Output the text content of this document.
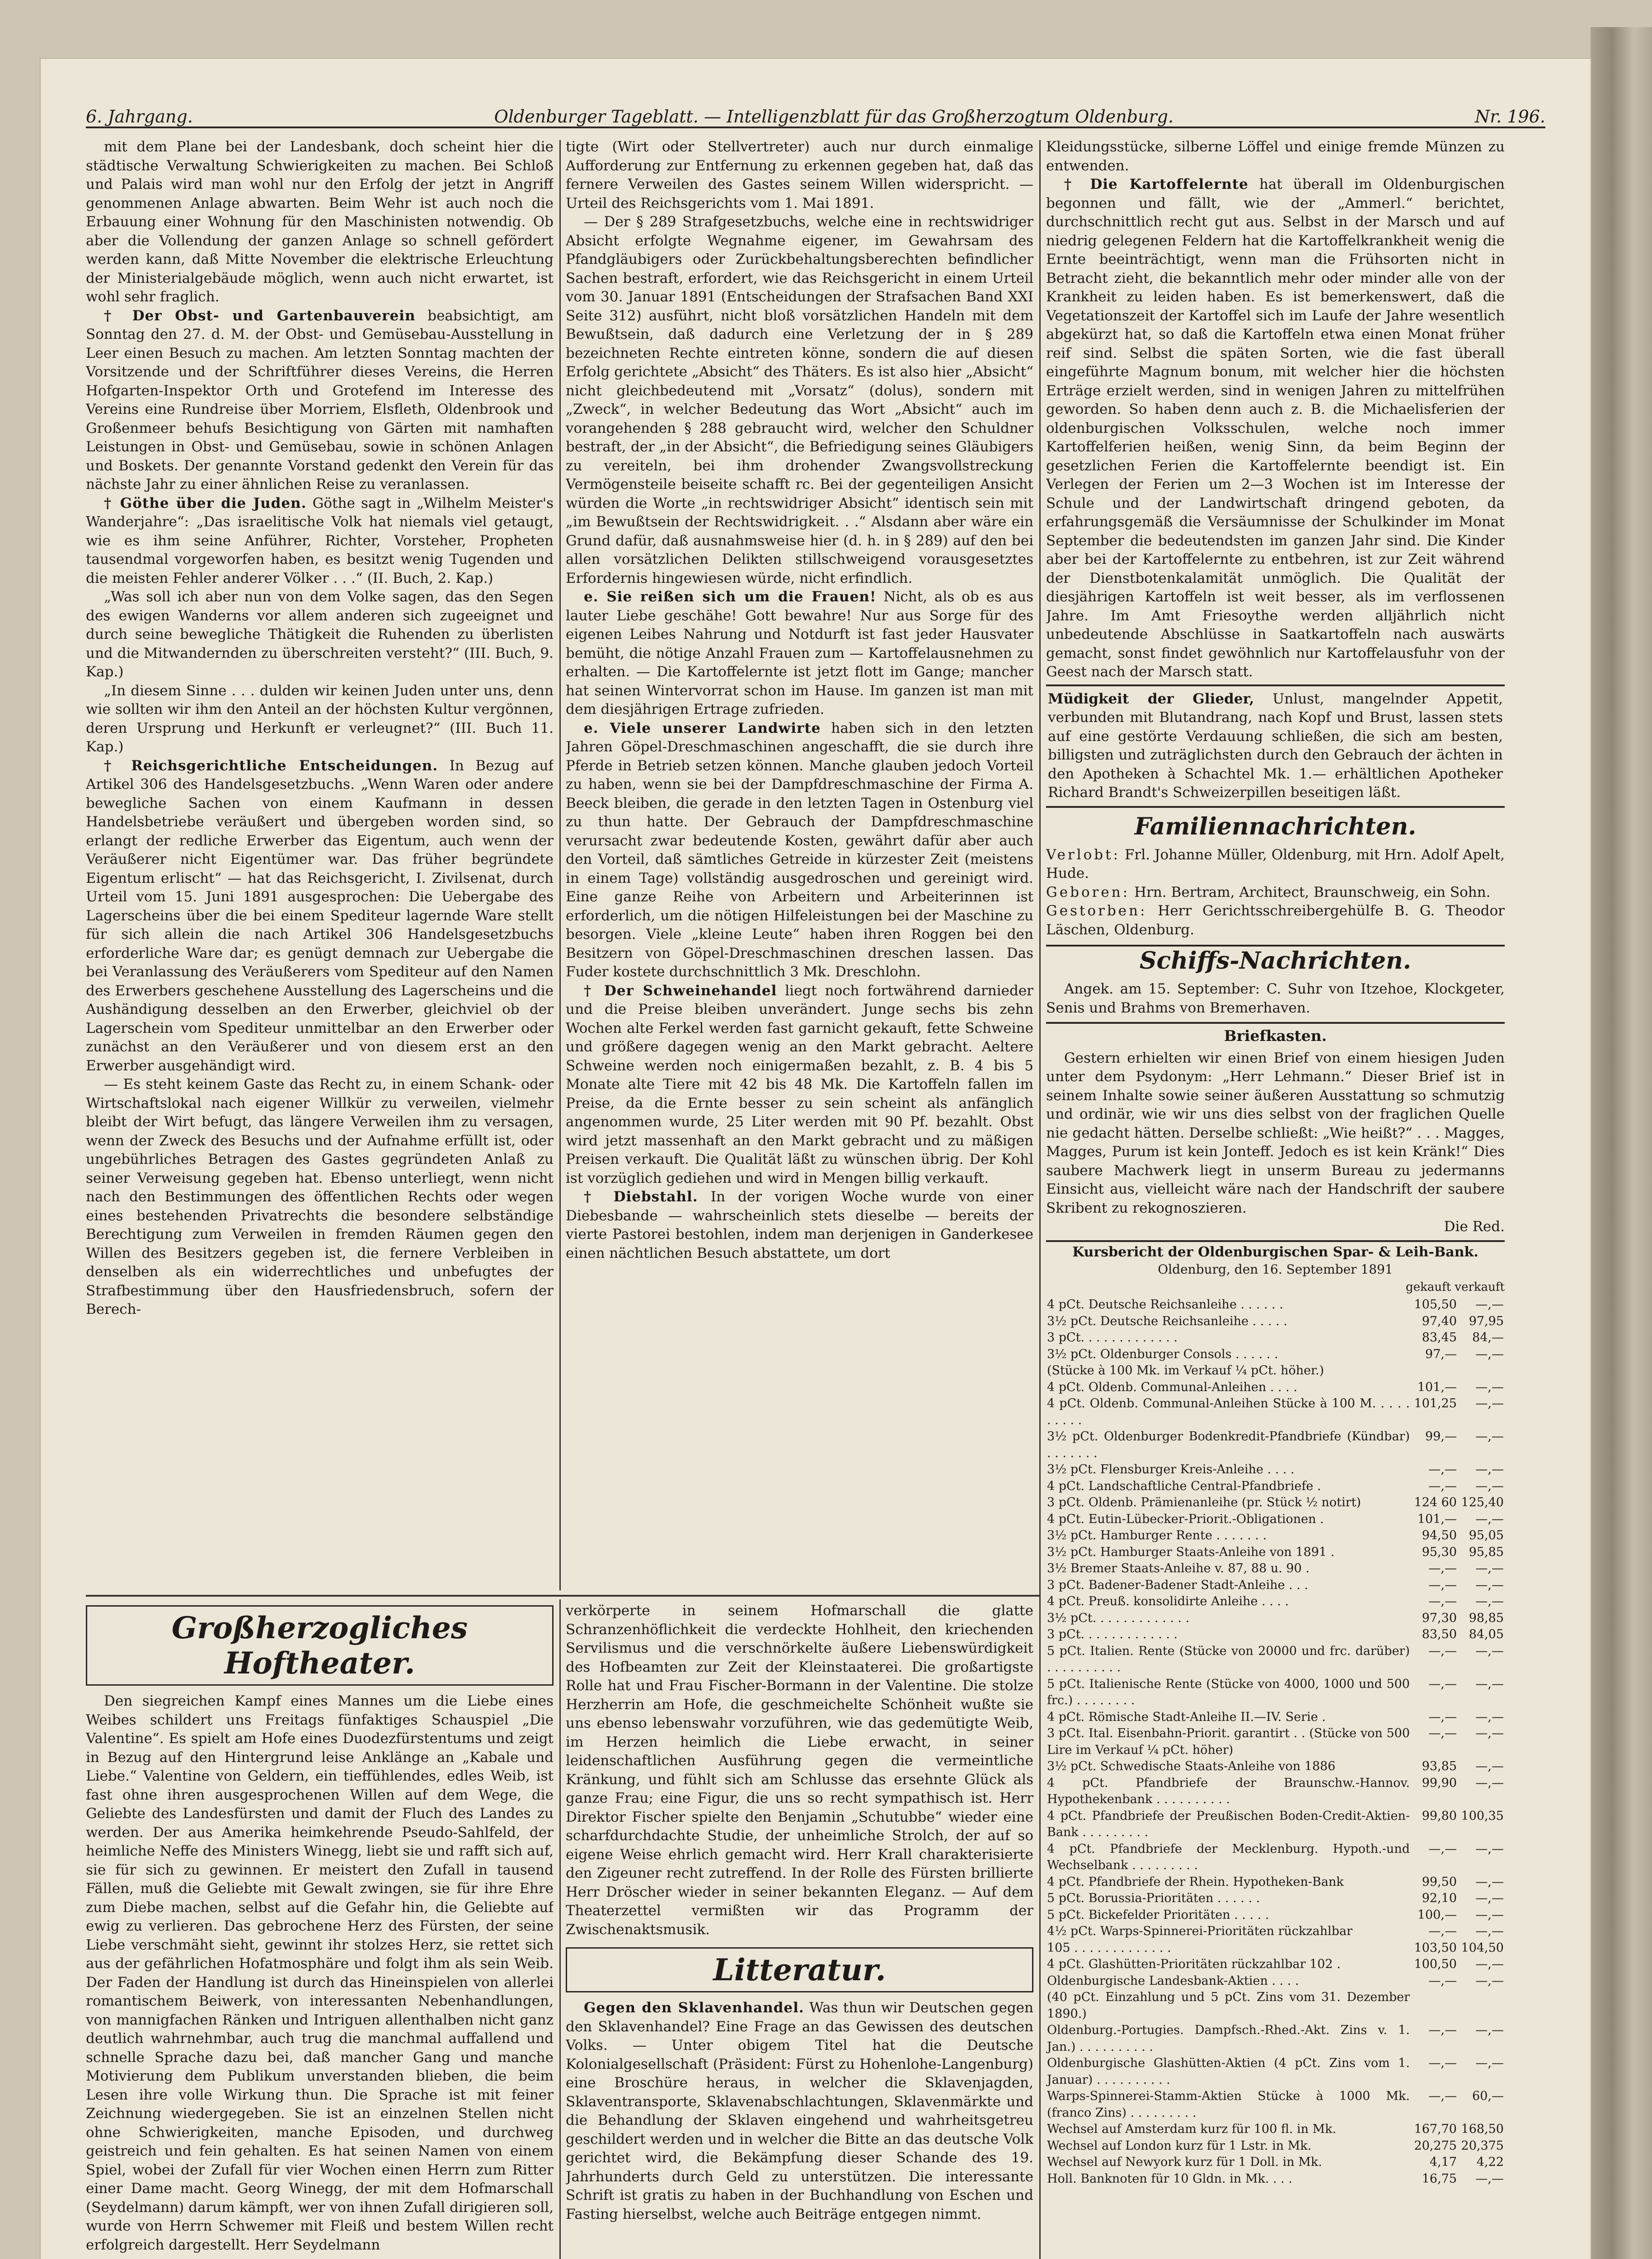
6. Jahrgang.	Oldenburger Tageblatt. — Intelligenzblatt für das Großherzogtum Oldenburg.	Nr. 196.

mit dem Plane bei der Landesbank, doch scheint hier die städtische Verwaltung Schwierigkeiten zu machen. Bei Schloß und Palais wird man wohl nur den Erfolg der jetzt in Angriff genommenen Anlage abwarten. Beim Wehr ist auch noch die Erbauung einer Wohnung für den Maschinisten notwendig. Ob aber die Vollendung der ganzen Anlage so schnell gefördert werden kann, daß Mitte November die elektrische Erleuchtung der Ministerialgebäude möglich, wenn auch nicht erwartet, ist wohl sehr fraglich.

† Der Obst- und Gartenbauverein beabsichtigt, am Sonntag den 27. d. M. der Obst- und Gemüsebau-Ausstellung in Leer einen Besuch zu machen. Am letzten Sonntag machten der Vorsitzende und der Schriftführer dieses Vereins, die Herren Hofgarten-Inspektor Orth und Grotefend im Interesse des Vereins eine Rundreise über Morriem, Elsfleth, Oldenbrook und Großenmeer behufs Besichtigung von Gärten mit namhaften Leistungen in Obst- und Gemüsebau, sowie in schönen Anlagen und Boskets. Der genannte Vorstand gedenkt den Verein für das nächste Jahr zu einer ähnlichen Reise zu veranlassen.

† Göthe über die Juden. Göthe sagt in „Wilhelm Meister's Wanderjahre“: „Das israelitische Volk hat niemals viel getaugt, wie es ihm seine Anführer, Richter, Vorsteher, Propheten tausendmal vorgeworfen haben, es besitzt wenig Tugenden und die meisten Fehler anderer Völker . . .“ (II. Buch, 2. Kap.)

„Was soll ich aber nun von dem Volke sagen, das den Segen des ewigen Wanderns vor allem anderen sich zugeeignet und durch seine bewegliche Thätigkeit die Ruhenden zu überlisten und die Mitwandernden zu überschreiten versteht?“ (III. Buch, 9. Kap.)

„In diesem Sinne . . . dulden wir keinen Juden unter uns, denn wie sollten wir ihm den Anteil an der höchsten Kultur vergönnen, deren Ursprung und Herkunft er verleugnet?“ (III. Buch 11. Kap.)

† Reichsgerichtliche Entscheidungen. In Bezug auf Artikel 306 des Handelsgesetzbuchs. „Wenn Waren oder andere bewegliche Sachen von einem Kaufmann in dessen Handelsbetriebe veräußert und übergeben worden sind, so erlangt der redliche Erwerber das Eigentum, auch wenn der Veräußerer nicht Eigentümer war. Das früher begründete Eigentum erlischt“ — hat das Reichsgericht, I. Zivilsenat, durch Urteil vom 15. Juni 1891 ausgesprochen: Die Uebergabe des Lagerscheins über die bei einem Spediteur lagernde Ware stellt für sich allein die nach Artikel 306 Handelsgesetzbuchs erforderliche Ware dar; es genügt demnach zur Uebergabe die bei Veranlassung des Veräußerers vom Spediteur auf den Namen des Erwerbers geschehene Ausstellung des Lagerscheins und die Aushändigung desselben an den Erwerber, gleichviel ob der Lagerschein vom Spediteur unmittelbar an den Erwerber oder zunächst an den Veräußerer und von diesem erst an den Erwerber ausgehändigt wird.

— Es steht keinem Gaste das Recht zu, in einem Schank- oder Wirtschaftslokal nach eigener Willkür zu verweilen, vielmehr bleibt der Wirt befugt, das längere Verweilen ihm zu versagen, wenn der Zweck des Besuchs und der Aufnahme erfüllt ist, oder ungebührliches Betragen des Gastes gegründeten Anlaß zu seiner Verweisung gegeben hat. Ebenso unterliegt, wenn nicht nach den Bestimmungen des öffentlichen Rechts oder wegen eines bestehenden Privatrechts die besondere selbständige Berechtigung zum Verweilen in fremden Räumen gegen den Willen des Besitzers gegeben ist, die fernere Verbleiben in denselben als ein widerrechtliches und unbefugtes der Strafbestimmung über den Hausfriedensbruch, sofern der Berech-

tigte (Wirt oder Stellvertreter) auch nur durch einmalige Aufforderung zur Entfernung zu erkennen gegeben hat, daß das fernere Verweilen des Gastes seinem Willen widerspricht. — Urteil des Reichsgerichts vom 1. Mai 1891.

— Der § 289 Strafgesetzbuchs, welche eine in rechtswidriger Absicht erfolgte Wegnahme eigener, im Gewahrsam des Pfandgläubigers oder Zurückbehaltungsberechten befindlicher Sachen bestraft, erfordert, wie das Reichsgericht in einem Urteil vom 30. Januar 1891 (Entscheidungen der Strafsachen Band XXI Seite 312) ausführt, nicht bloß vorsätzlichen Handeln mit dem Bewußtsein, daß dadurch eine Verletzung der in § 289 bezeichneten Rechte eintreten könne, sondern die auf diesen Erfolg gerichtete „Absicht“ des Thäters. Es ist also hier „Absicht“ nicht gleichbedeutend mit „Vorsatz“ (dolus), sondern mit „Zweck“, in welcher Bedeutung das Wort „Absicht“ auch im vorangehenden § 288 gebraucht wird, welcher den Schuldner bestraft, der „in der Absicht“, die Befriedigung seines Gläubigers zu vereiteln, bei ihm drohender Zwangsvollstreckung Vermögensteile beiseite schafft rc. Bei der gegenteiligen Ansicht würden die Worte „in rechtswidriger Absicht“ identisch sein mit „im Bewußtsein der Rechtswidrigkeit. . .“ Alsdann aber wäre ein Grund dafür, daß ausnahmsweise hier (d. h. in § 289) auf den bei allen vorsätzlichen Delikten stillschweigend vorausgesetztes Erfordernis hingewiesen würde, nicht erfindlich.

e. Sie reißen sich um die Frauen! Nicht, als ob es aus lauter Liebe geschähe! Gott bewahre! Nur aus Sorge für des eigenen Leibes Nahrung und Notdurft ist fast jeder Hausvater bemüht, die nötige Anzahl Frauen zum — Kartoffelausnehmen zu erhalten. — Die Kartoffelernte ist jetzt flott im Gange; mancher hat seinen Wintervorrat schon im Hause. Im ganzen ist man mit dem diesjährigen Ertrage zufrieden.

e. Viele unserer Landwirte haben sich in den letzten Jahren Göpel-Dreschmaschinen angeschafft, die sie durch ihre Pferde in Betrieb setzen können. Manche glauben jedoch Vorteil zu haben, wenn sie bei der Dampfdreschmaschine der Firma A. Beeck bleiben, die gerade in den letzten Tagen in Ostenburg viel zu thun hatte. Der Gebrauch der Dampfdreschmaschine verursacht zwar bedeutende Kosten, gewährt dafür aber auch den Vorteil, daß sämtliches Getreide in kürzester Zeit (meistens in einem Tage) vollständig ausgedroschen und gereinigt wird. Eine ganze Reihe von Arbeitern und Arbeiterinnen ist erforderlich, um die nötigen Hilfeleistungen bei der Maschine zu besorgen. Viele „kleine Leute“ haben ihren Roggen bei den Besitzern von Göpel-Dreschmaschinen dreschen lassen. Das Fuder kostete durchschnittlich 3 Mk. Dreschlohn.

† Der Schweinehandel liegt noch fortwährend darnieder und die Preise bleiben unverändert. Junge sechs bis zehn Wochen alte Ferkel werden fast garnicht gekauft, fette Schweine und größere dagegen wenig an den Markt gebracht. Aeltere Schweine werden noch einigermaßen bezahlt, z. B. 4 bis 5 Monate alte Tiere mit 42 bis 48 Mk. Die Kartoffeln fallen im Preise, da die Ernte besser zu sein scheint als anfänglich angenommen wurde, 25 Liter werden mit 90 Pf. bezahlt. Obst wird jetzt massenhaft an den Markt gebracht und zu mäßigen Preisen verkauft. Die Qualität läßt zu wünschen übrig. Der Kohl ist vorzüglich gediehen und wird in Mengen billig verkauft.

† Diebstahl. In der vorigen Woche wurde von einer Diebesbande — wahrscheinlich stets dieselbe — bereits der vierte Pastorei bestohlen, indem man derjenigen in Ganderkesee einen nächtlichen Besuch abstattete, um dort

Kleidungsstücke, silberne Löffel und einige fremde Münzen zu entwenden.

† Die Kartoffelernte hat überall im Oldenburgischen begonnen und fällt, wie der „Ammerl.“ berichtet, durchschnittlich recht gut aus. Selbst in der Marsch und auf niedrig gelegenen Feldern hat die Kartoffelkrankheit wenig die Ernte beeinträchtigt, wenn man die Frühsorten nicht in Betracht zieht, die bekanntlich mehr oder minder alle von der Krankheit zu leiden haben. Es ist bemerkenswert, daß die Vegetationszeit der Kartoffel sich im Laufe der Jahre wesentlich abgekürzt hat, so daß die Kartoffeln etwa einen Monat früher reif sind. Selbst die späten Sorten, wie die fast überall eingeführte Magnum bonum, mit welcher hier die höchsten Erträge erzielt werden, sind in wenigen Jahren zu mittelfrühen geworden. So haben denn auch z. B. die Michaelisferien der oldenburgischen Volksschulen, welche noch immer Kartoffelferien heißen, wenig Sinn, da beim Beginn der gesetzlichen Ferien die Kartoffelernte beendigt ist. Ein Verlegen der Ferien um 2—3 Wochen ist im Interesse der Schule und der Landwirtschaft dringend geboten, da erfahrungsgemäß die Versäumnisse der Schulkinder im Monat September die bedeutendsten im ganzen Jahr sind. Die Kinder aber bei der Kartoffelernte zu entbehren, ist zur Zeit während der Dienstbotenkalamität unmöglich. Die Qualität der diesjährigen Kartoffeln ist weit besser, als im verflossenen Jahre. Im Amt Friesoythe werden alljährlich nicht unbedeutende Abschlüsse in Saatkartoffeln nach auswärts gemacht, sonst findet gewöhnlich nur Kartoffelausfuhr von der Geest nach der Marsch statt.

Müdigkeit der Glieder, Unlust, mangelnder Appetit, verbunden mit Blutandrang, nach Kopf und Brust, lassen stets auf eine gestörte Verdauung schließen, die sich am besten, billigsten und zuträglichsten durch den Gebrauch der ächten in den Apotheken à Schachtel Mk. 1.— erhältlichen Apotheker Richard Brandt's Schweizerpillen beseitigen läßt.
Familiennachrichten.

Verlobt: Frl. Johanne Müller, Oldenburg, mit Hrn. Adolf Apelt, Hude.

Geboren: Hrn. Bertram, Architect, Braunschweig, ein Sohn.

Gestorben: Herr Gerichtsschreibergehülfe B. G. Theodor Läschen, Oldenburg.

Schiffs-Nachrichten.

Angek. am 15. September: C. Suhr von Itzehoe, Klockgeter, Senis und Brahms von Bremerhaven.

Briefkasten.

Gestern erhielten wir einen Brief von einem hiesigen Juden unter dem Psydonym: „Herr Lehmann.“ Dieser Brief ist in seinem Inhalte sowie seiner äußeren Ausstattung so schmutzig und ordinär, wie wir uns dies selbst von der fraglichen Quelle nie gedacht hätten. Derselbe schließt: „Wie heißt?“ . . . Magges, Magges, Purum ist kein Jonteff. Jedoch es ist kein Kränk!“ Dies saubere Machwerk liegt in unserm Bureau zu jedermanns Einsicht aus, vielleicht wäre nach der Handschrift der saubere Skribent zu rekognoszieren.

Die Red.
Kursbericht der Oldenburgischen Spar- & Leih-Bank.
Oldenburg, den 16. September 1891
gekauft verkauft
4 pCt. Deutsche Reichsanleihe . . . . . .	105,50	—,—
3½ pCt. Deutsche Reichsanleihe . . . . .	97,40	97,95
3 pCt. . . . . . . . . . . . .	83,45	84,—
3½ pCt. Oldenburger Consols . . . . . .	97,—	—,—
(Stücke à 100 Mk. im Verkauf ¼ pCt. höher.)		
4 pCt. Oldenb. Communal-Anleihen . . . .	101,—	—,—
4 pCt. Oldenb. Communal-Anleihen Stücke à 100 M. . . . . . . . . .	101,25	—,—
3½ pCt. Oldenburger Bodenkredit-Pfandbriefe (Kündbar) . . . . . . .	99,—	—,—
3½ pCt. Flensburger Kreis-Anleihe . . . .	—,—	—,—
4 pCt. Landschaftliche Central-Pfandbriefe .	—,—	—,—
3 pCt. Oldenb. Prämienanleihe (pr. Stück ½ notirt)	124 60	125,40
4 pCt. Eutin-Lübecker-Priorit.-Obligationen .	101,—	—,—
3½ pCt. Hamburger Rente . . . . . . .	94,50	95,05
3½ pCt. Hamburger Staats-Anleihe von 1891 .	95,30	95,85
3½ Bremer Staats-Anleihe v. 87, 88 u. 90 .	—,—	—,—
3 pCt. Badener-Badener Stadt-Anleihe . . .	—,—	—,—
4 pCt. Preuß. konsolidirte Anleihe . . . .	—,—	—,—
3½ pCt. . . . . . . . . . . . .	97,30	98,85
3 pCt. . . . . . . . . . . . .	83,50	84,05
5 pCt. Italien. Rente (Stücke von 20000 und frc. darüber) . . . . . . . . . .	—,—	—,—
5 pCt. Italienische Rente (Stücke von 4000, 1000 und 500 frc.) . . . . . . . .	—,—	—,—
4 pCt. Römische Stadt-Anleihe II.—IV. Serie .	—,—	—,—
3 pCt. Ital. Eisenbahn-Priorit. garantirt . . (Stücke von 500 Lire im Verkauf ¼ pCt. höher)	—,—	—,—
3½ pCt. Schwedische Staats-Anleihe von 1886	93,85	—,—
4 pCt. Pfandbriefe der Braunschw.-Hannov. Hypothekenbank . . . . . . . . . .	99,90	—,—
4 pCt. Pfandbriefe der Preußischen Boden-Credit-Aktien-Bank . . . . . . . . .	99,80	100,35
4 pCt. Pfandbriefe der Mecklenburg. Hypoth.-und Wechselbank . . . . . . . . .	—,—	—,—
4 pCt. Pfandbriefe der Rhein. Hypotheken-Bank	99,50	—,—
5 pCt. Borussia-Prioritäten . . . . . .	92,10	—,—
5 pCt. Bickefelder Prioritäten . . . . .	100,—	—,—
4½ pCt. Warps-Spinnerei-Prioritäten rückzahlbar	—,—	—,—
105 . . . . . . . . . . . . .	103,50	104,50
4 pCt. Glashütten-Prioritäten rückzahlbar 102 .	100,50	—,—
Oldenburgische Landesbank-Aktien . . . .	—,—	—,—
(40 pCt. Einzahlung und 5 pCt. Zins vom 31. Dezember 1890.)		
Oldenburg.-Portugies. Dampfsch.-Rhed.-Akt. Zins v. 1. Jan.) . . . . . . . . . .	—,—	—,—
Oldenburgische Glashütten-Aktien (4 pCt. Zins vom 1. Januar) . . . . . . . . . .	—,—	—,—
Warps-Spinnerei-Stamm-Aktien Stücke à 1000 Mk. (franco Zins) . . . . . . . . .	—,—	60,—
Wechsel auf Amsterdam kurz für 100 fl. in Mk.	167,70	168,50
Wechsel auf London kurz für 1 Lstr. in Mk.	20,275	20,375
Wechsel auf Newyork kurz für 1 Doll. in Mk.	4,17	4,22
Holl. Banknoten für 10 Gldn. in Mk. . . .	16,75	—,—
Großherzogliches Hoftheater.

Den siegreichen Kampf eines Mannes um die Liebe eines Weibes schildert uns Freitags fünfaktiges Schauspiel „Die Valentine“. Es spielt am Hofe eines Duodezfürstentums und zeigt in Bezug auf den Hintergrund leise Anklänge an „Kabale und Liebe.“ Valentine von Geldern, ein tieffühlendes, edles Weib, ist fast ohne ihren ausgesprochenen Willen auf dem Wege, die Geliebte des Landesfürsten und damit der Fluch des Landes zu werden. Der aus Amerika heimkehrende Pseudo-Sahlfeld, der heimliche Neffe des Ministers Winegg, liebt sie und rafft sich auf, sie für sich zu gewinnen. Er meistert den Zufall in tausend Fällen, muß die Geliebte mit Gewalt zwingen, sie für ihre Ehre zum Diebe machen, selbst auf die Gefahr hin, die Geliebte auf ewig zu verlieren. Das gebrochene Herz des Fürsten, der seine Liebe verschmäht sieht, gewinnt ihr stolzes Herz, sie rettet sich aus der gefährlichen Hofatmosphäre und folgt ihm als sein Weib. Der Faden der Handlung ist durch das Hineinspielen von allerlei romantischem Beiwerk, von interessanten Nebenhandlungen, von mannigfachen Ränken und Intriguen allenthalben nicht ganz deutlich wahrnehmbar, auch trug die manchmal auffallend und schnelle Sprache dazu bei, daß mancher Gang und manche Motivierung dem Publikum unverstanden blieben, die beim Lesen ihre volle Wirkung thun. Die Sprache ist mit feiner Zeichnung wiedergegeben. Sie ist an einzelnen Stellen nicht ohne Schwierigkeiten, manche Episoden, und durchweg geistreich und fein gehalten. Es hat seinen Namen von einem Spiel, wobei der Zufall für vier Wochen einen Herrn zum Ritter einer Dame macht. Georg Winegg, der mit dem Hofmarschall (Seydelmann) darum kämpft, wer von ihnen Zufall dirigieren soll, wurde von Herrn Schwemer mit Fleiß und bestem Willen recht erfolgreich dargestellt. Herr Seydelmann

verkörperte in seinem Hofmarschall die glatte Schranzenhöflichkeit die verdeckte Hohlheit, den kriechenden Servilismus und die verschnörkelte äußere Liebenswürdigkeit des Hofbeamten zur Zeit der Kleinstaaterei. Die großartigste Rolle hat und Frau Fischer-Bormann in der Valentine. Die stolze Herzherrin am Hofe, die geschmeichelte Schönheit wußte sie uns ebenso lebenswahr vorzuführen, wie das gedemütigte Weib, im Herzen heimlich die Liebe erwacht, in seiner leidenschaftlichen Ausführung gegen die vermeintliche Kränkung, und fühlt sich am Schlusse das ersehnte Glück als ganze Frau; eine Figur, die uns so recht sympathisch ist. Herr Direktor Fischer spielte den Benjamin „Schutubbe“ wieder eine scharfdurchdachte Studie, der unheimliche Strolch, der auf so eigene Weise ehrlich gemacht wird. Herr Krall charakterisierte den Zigeuner recht zutreffend. In der Rolle des Fürsten brillierte Herr Dröscher wieder in seiner bekannten Eleganz. — Auf dem Theaterzettel vermißten wir das Programm der Zwischenaktsmusik.

Litteratur.

Gegen den Sklavenhandel. Was thun wir Deutschen gegen den Sklavenhandel? Eine Frage an das Gewissen des deutschen Volks. — Unter obigem Titel hat die Deutsche Kolonialgesellschaft (Präsident: Fürst zu Hohenlohe-Langenburg) eine Broschüre heraus, in welcher die Sklavenjagden, Sklaventransporte, Sklavenabschlachtungen, Sklavenmärkte und die Behandlung der Sklaven eingehend und wahrheitsgetreu geschildert werden und in welcher die Bitte an das deutsche Volk gerichtet wird, die Bekämpfung dieser Schande des 19. Jahrhunderts durch Geld zu unterstützen. Die interessante Schrift ist gratis zu haben in der Buchhandlung von Eschen und Fasting hierselbst, welche auch Beiträge entgegen nimmt.
